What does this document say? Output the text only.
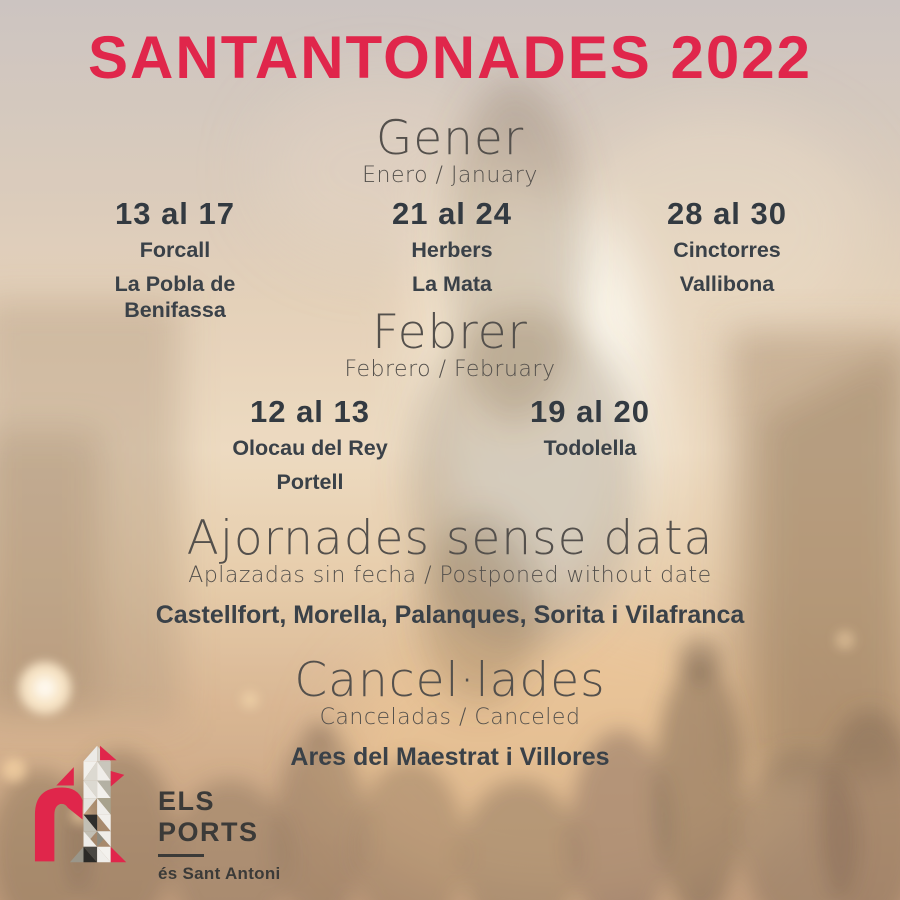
SANTANTONADES 2022
Gener
Enero / January
13 al 17
Forcall
La Pobla de Benifassa
21 al 24
Herbers
La Mata
28 al 30
Cinctorres
Vallibona
Febrer
Febrero / February
12 al 13
Olocau del Rey
Portell
19 al 20
Todolella
Ajornades sense data
Aplazadas sin fecha / Postponed without date
Castellfort, Morella, Palanques, Sorita i Vilafranca
Cancel·lades
Canceladas / Canceled
Ares del Maestrat i Villores
ELS
PORTS
és Sant Antoni
